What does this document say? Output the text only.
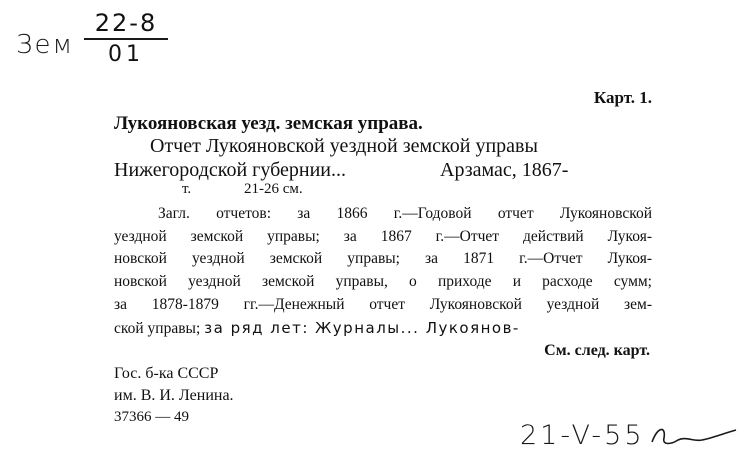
Зем
22-8
01
Карт. 1.
Лукояновская уезд. земская управа.
Отчет Лукояновской уездной земской управы
Нижегородской губернии...	Арзамас, 1867-
т.	21-26 см.
Загл. отчетов: за 1866 г.—Годовой отчет Лукояновской
уездной земской управы; за 1867 г.—Отчет действий Лукоя-
новской уездной земской управы; за 1871 г.—Отчет Лукоя-
новской уездной земской управы, о приходе и расходе сумм;
за 1878-1879 гг.—Денежный отчет Лукояновской уездной зем-
ской управы; за ряд лет: Журналы... Лукоянов-
См. след. карт.
Гос. б-ка СССР
им. В. И. Ленина.
37366 — 49
21-V-55
